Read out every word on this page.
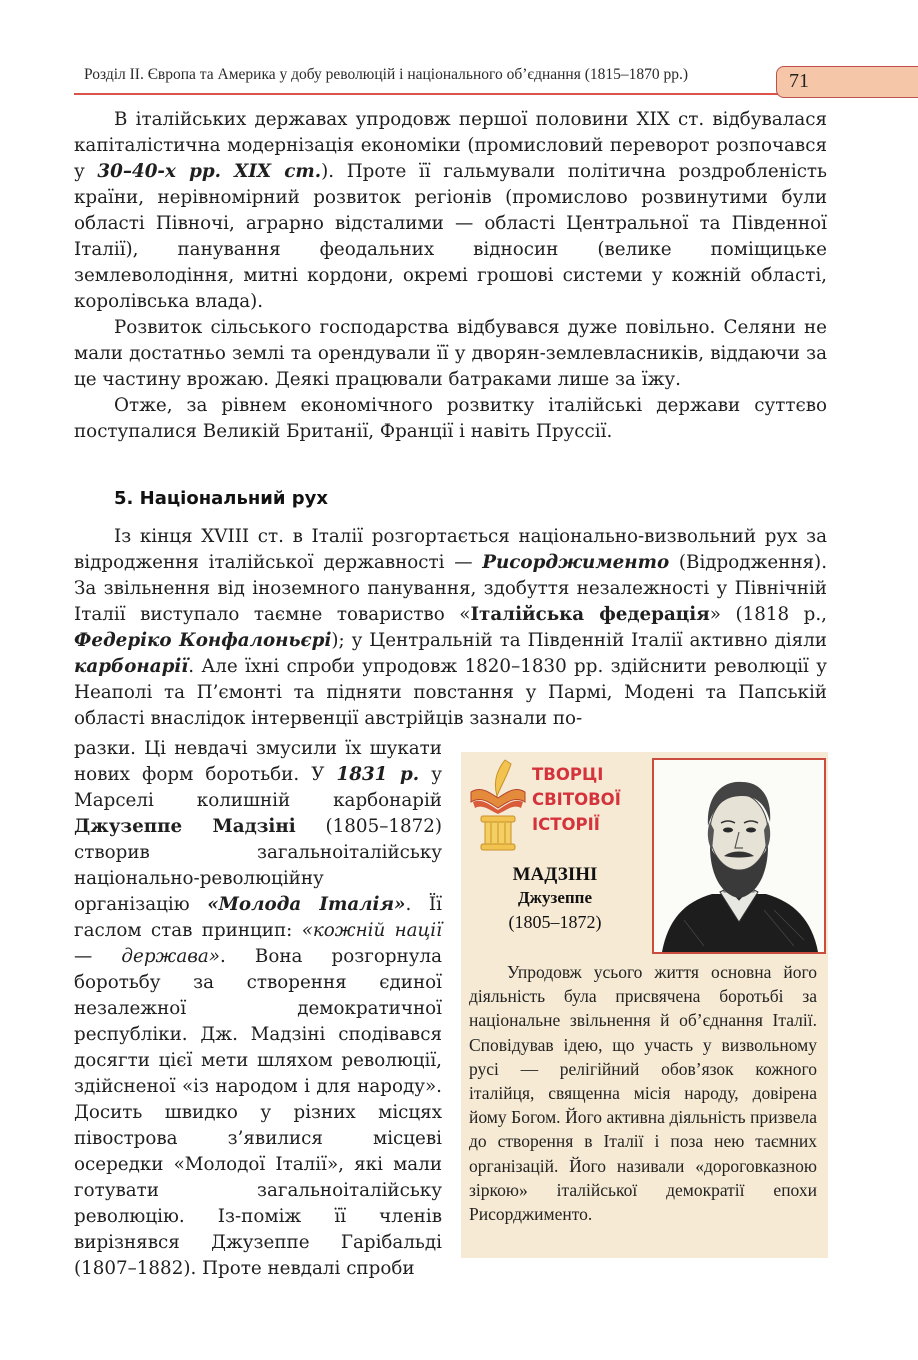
Розділ II. Європа та Америка у добу революцій і національного об’єднання (1815–1870 рр.)	71

В італійських державах упродовж першої половини XIX ст. відбувалася капіталістична модернізація економіки (промисловий переворот розпочався у 30–40-х рр. XIX ст.). Проте її гальмували політична роздробленість країни, нерівномірний розвиток регіонів (промислово розвинутими були області Півночі, аграрно відсталими — області Центральної та Південної Італії), панування феодальних відносин (велике поміщицьке землеволодіння, митні кордони, окремі грошові системи у кожній області, королівська влада).

Розвиток сільського господарства відбувався дуже повільно. Селяни не мали достатньо землі та орендували її у дворян-землевласників, віддаючи за це частину врожаю. Деякі працювали батраками лише за їжу.

Отже, за рівнем економічного розвитку італійські держави суттєво поступалися Великій Британії, Франції і навіть Пруссії.

5. Національний рух

Із кінця XVIII ст. в Італії розгортається національно-визвольний рух за відродження італійської державності — Рисорджименто (Відродження). За звільнення від іноземного панування, здобуття незалежності у Північній Італії виступало таємне товариство «Італійська федерація» (1818 р., Федеріко Конфалоньєрі); у Центральній та Південній Італії активно діяли карбонарії. Але їхні спроби упродовж 1820–1830 рр. здійснити революції у Неаполі та П’ємонті та підняти повстання у Пармі, Модені та Папській області внаслідок інтервенції австрійців зазнали по-

разки. Ці невдачі змусили їх шукати нових форм боротьби. У 1831 р. у Марселі колишній карбонарій Джузеппе Мадзіні (1805–1872) створив загальноіталійську національно-революційну організацію «Молода Італія». Її гаслом став принцип: «кожній нації — держава». Вона розгорнула боротьбу за створення єдиної незалежної демократичної республіки. Дж. Мадзіні сподівався досягти цієї мети шляхом революції, здійсненої «із народом і для народу». Досить швидко у різних місцях півострова з’явилися місцеві осередки «Молодої Італії», які мали готувати загальноіталійську революцію. Із-поміж її членів вирізнявся Джузеппе Гарібальді (1807–1882). Проте невдалі спроби

ТВОРЦІ
СВІТОВОЇ
ІСТОРІЇ
МАДЗІНІ
Джузеппе
(1805–1872)

Упродовж усього життя основна його діяльність була присвячена боротьбі за національне звільнення й об’єднання Італії. Сповідував ідею, що участь у визвольному русі — релігійний обов’язок кожного італійця, священна місія народу, довірена йому Богом. Його активна діяльність призвела до створення в Італії і поза нею таємних організацій. Його називали «дороговказною зіркою» італійської демократії епохи Рисорджименто.
